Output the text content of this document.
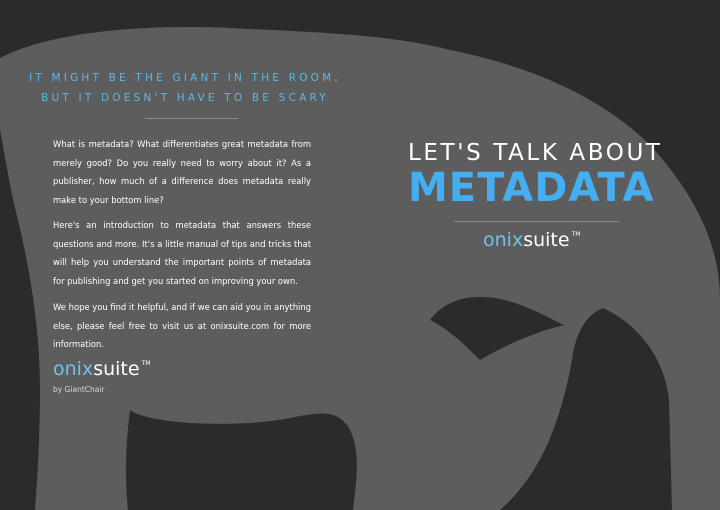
IT MIGHT BE THE GIANT IN THE ROOM,
BUT IT DOESN'T HAVE TO BE SCARY

What is metadata? What differentiates great metadata from merely good? Do you really need to worry about it? As a publisher, how much of a difference does metadata really make to your bottom line?

Here's an introduction to metadata that answers these questions and more. It's a little manual of tips and tricks that will help you understand the important points of metadata for publishing and get you started on improving your own.

We hope you find it helpful, and if we can aid you in anything else, please feel free to visit us at onixsuite.com for more information.

onixsuite ™
by GiantChair
LET'S TALK ABOUT
METADATA
onixsuite ™
